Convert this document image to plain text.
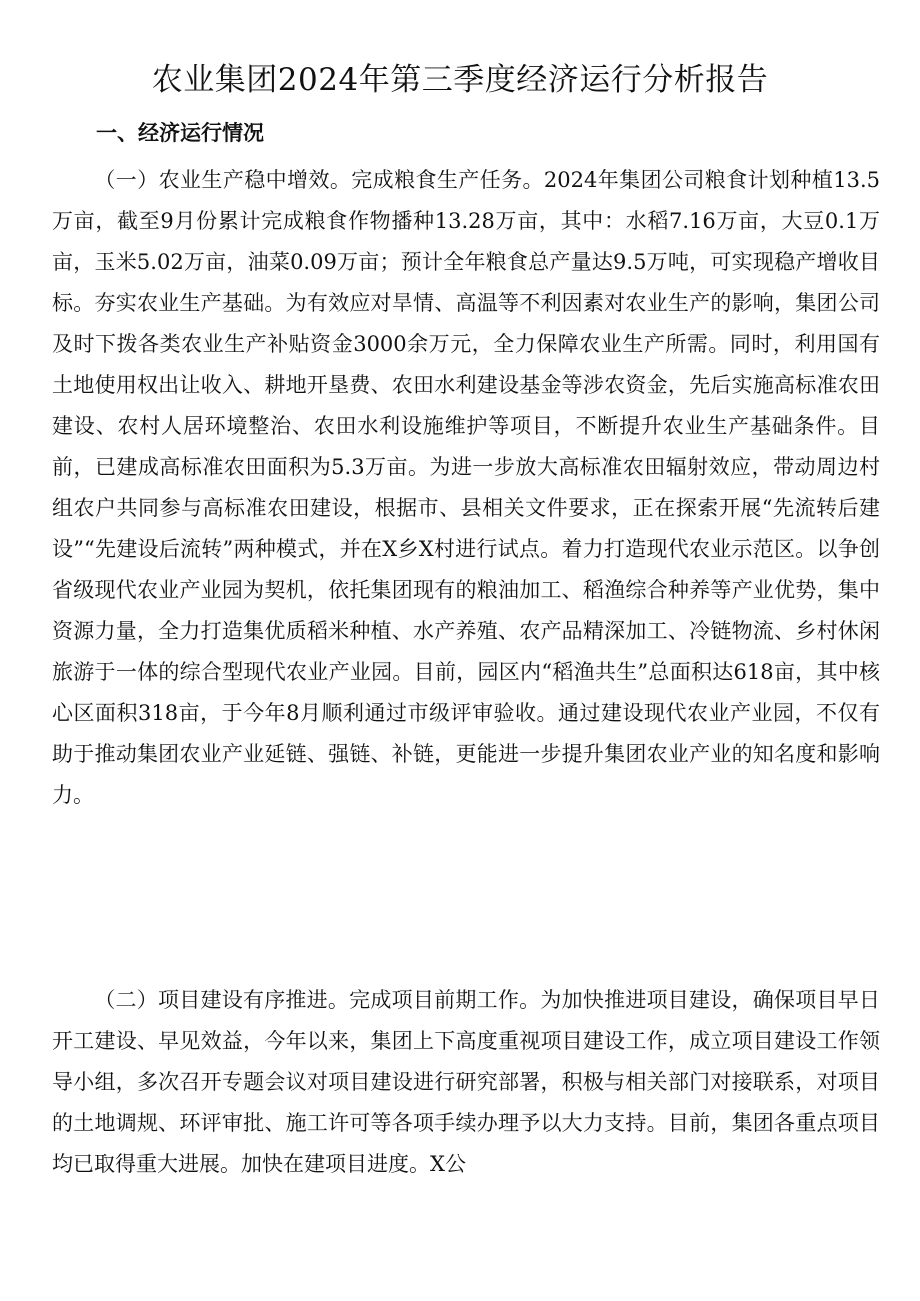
农业集团2024年第三季度经济运行分析报告
一、经济运行情况

（一）农业生产稳中增效。完成粮食生产任务。2024年集团公司粮食计划种植13.5万亩，截至9月份累计完成粮食作物播种13.28万亩，其中：水稻7.16万亩，大豆0.1万亩，玉米5.02万亩，油菜0.09万亩；预计全年粮食总产量达9.5万吨，可实现稳产增收目标。夯实农业生产基础。为有效应对旱情、高温等不利因素对农业生产的影响，集团公司及时下拨各类农业生产补贴资金3000余万元，全力保障农业生产所需。同时，利用国有土地使用权出让收入、耕地开垦费、农田水利建设基金等涉农资金，先后实施高标准农田建设、农村人居环境整治、农田水利设施维护等项目，不断提升农业生产基础条件。目前，已建成高标准农田面积为5.3万亩。为进一步放大高标准农田辐射效应，带动周边村组农户共同参与高标准农田建设，根据市、县相关文件要求，正在探索开展“先流转后建设”“先建设后流转”两种模式，并在X乡X村进行试点。着力打造现代农业示范区。以争创省级现代农业产业园为契机，依托集团现有的粮油加工、稻渔综合种养等产业优势，集中资源力量，全力打造集优质稻米种植、水产养殖、农产品精深加工、冷链物流、乡村休闲旅游于一体的综合型现代农业产业园。目前，园区内“稻渔共生”总面积达618亩，其中核心区面积318亩，于今年8月顺利通过市级评审验收。通过建设现代农业产业园，不仅有助于推动集团农业产业延链、强链、补链，更能进一步提升集团农业产业的知名度和影响力。

（二）项目建设有序推进。完成项目前期工作。为加快推进项目建设，确保项目早日开工建设、早见效益，今年以来，集团上下高度重视项目建设工作，成立项目建设工作领导小组，多次召开专题会议对项目建设进行研究部署，积极与相关部门对接联系，对项目的土地调规、环评审批、施工许可等各项手续办理予以大力支持。目前，集团各重点项目均已取得重大进展。加快在建项目进度。X公
